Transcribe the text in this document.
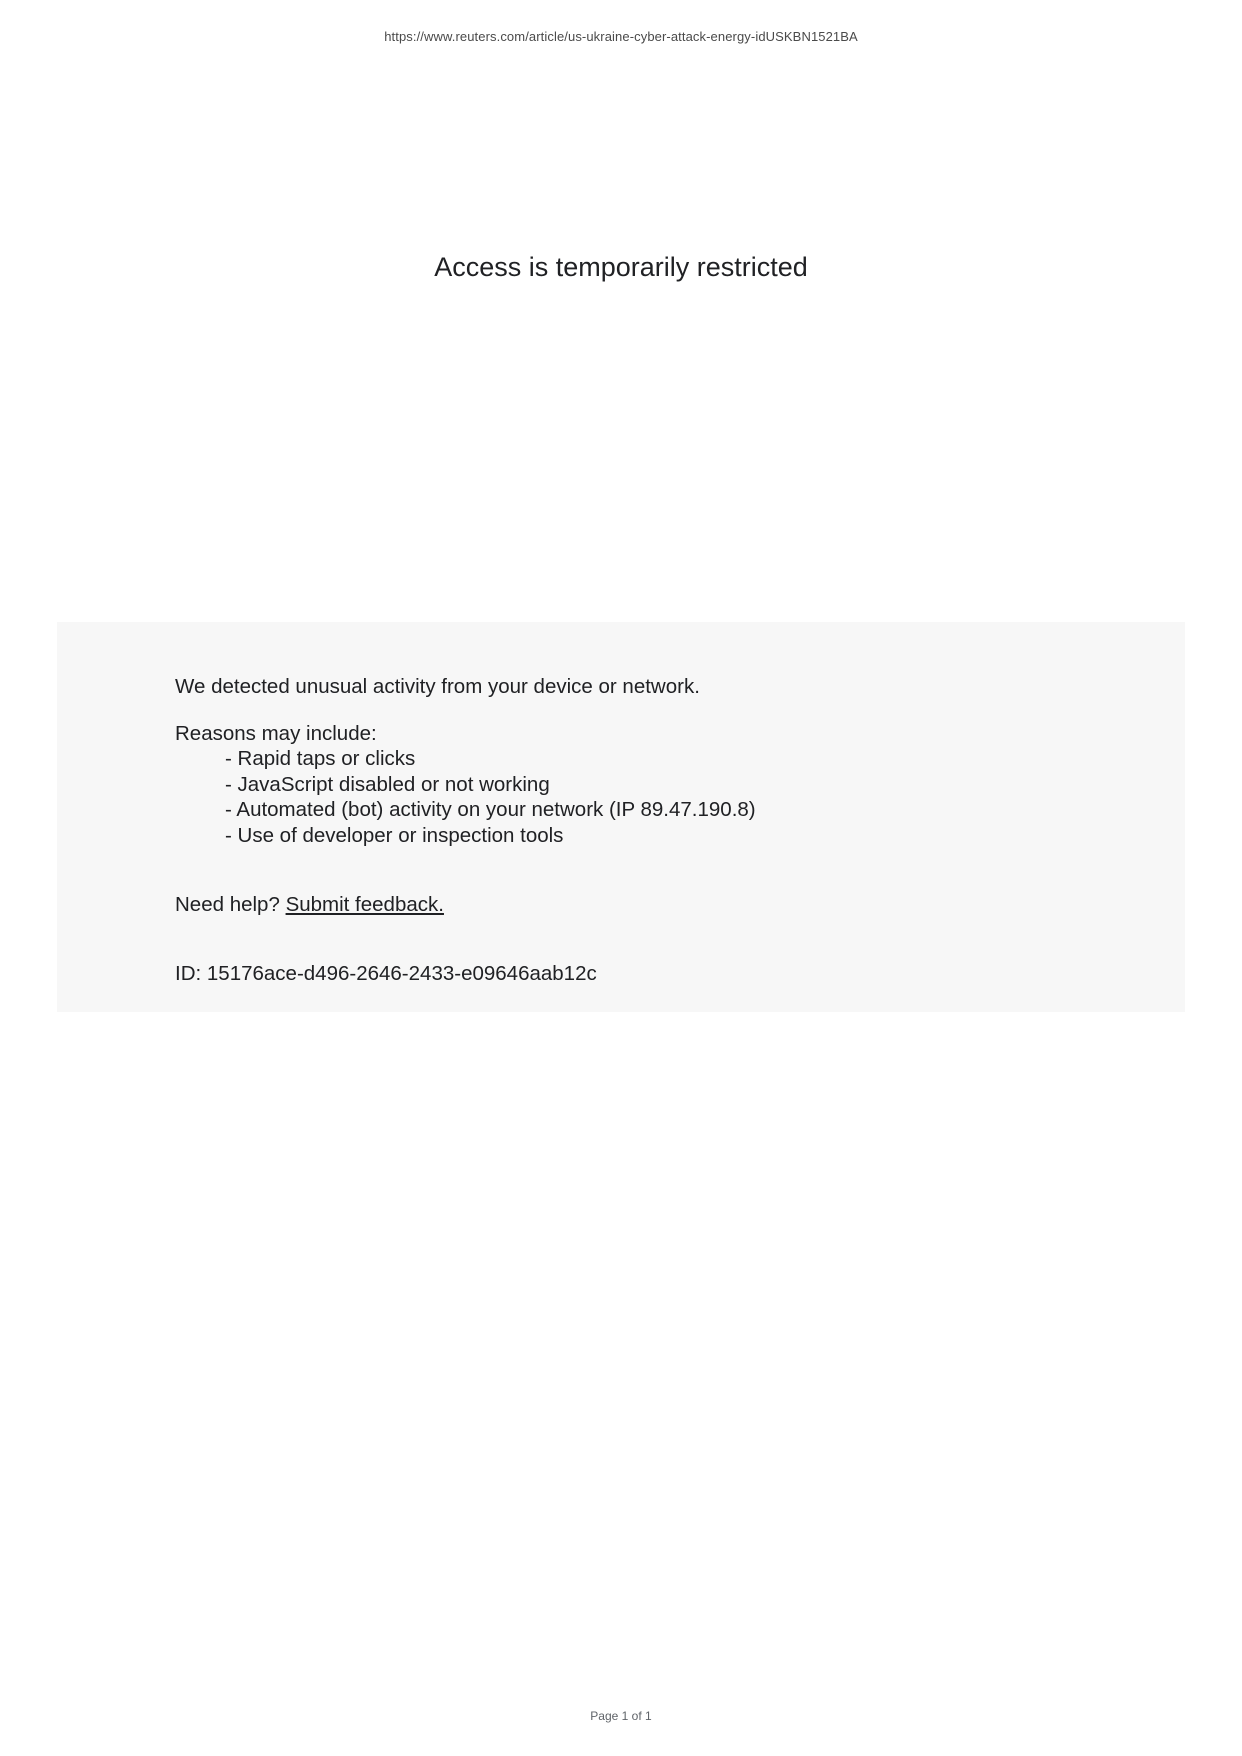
https://www.reuters.com/article/us-ukraine-cyber-attack-energy-idUSKBN1521BA
Access is temporarily restricted
We detected unusual activity from your device or network.
Reasons may include:
- Rapid taps or clicks
- JavaScript disabled or not working
- Automated (bot) activity on your network (IP 89.47.190.8)
- Use of developer or inspection tools
Need help? Submit feedback.
ID: 15176ace-d496-2646-2433-e09646aab12c
Page 1 of 1
